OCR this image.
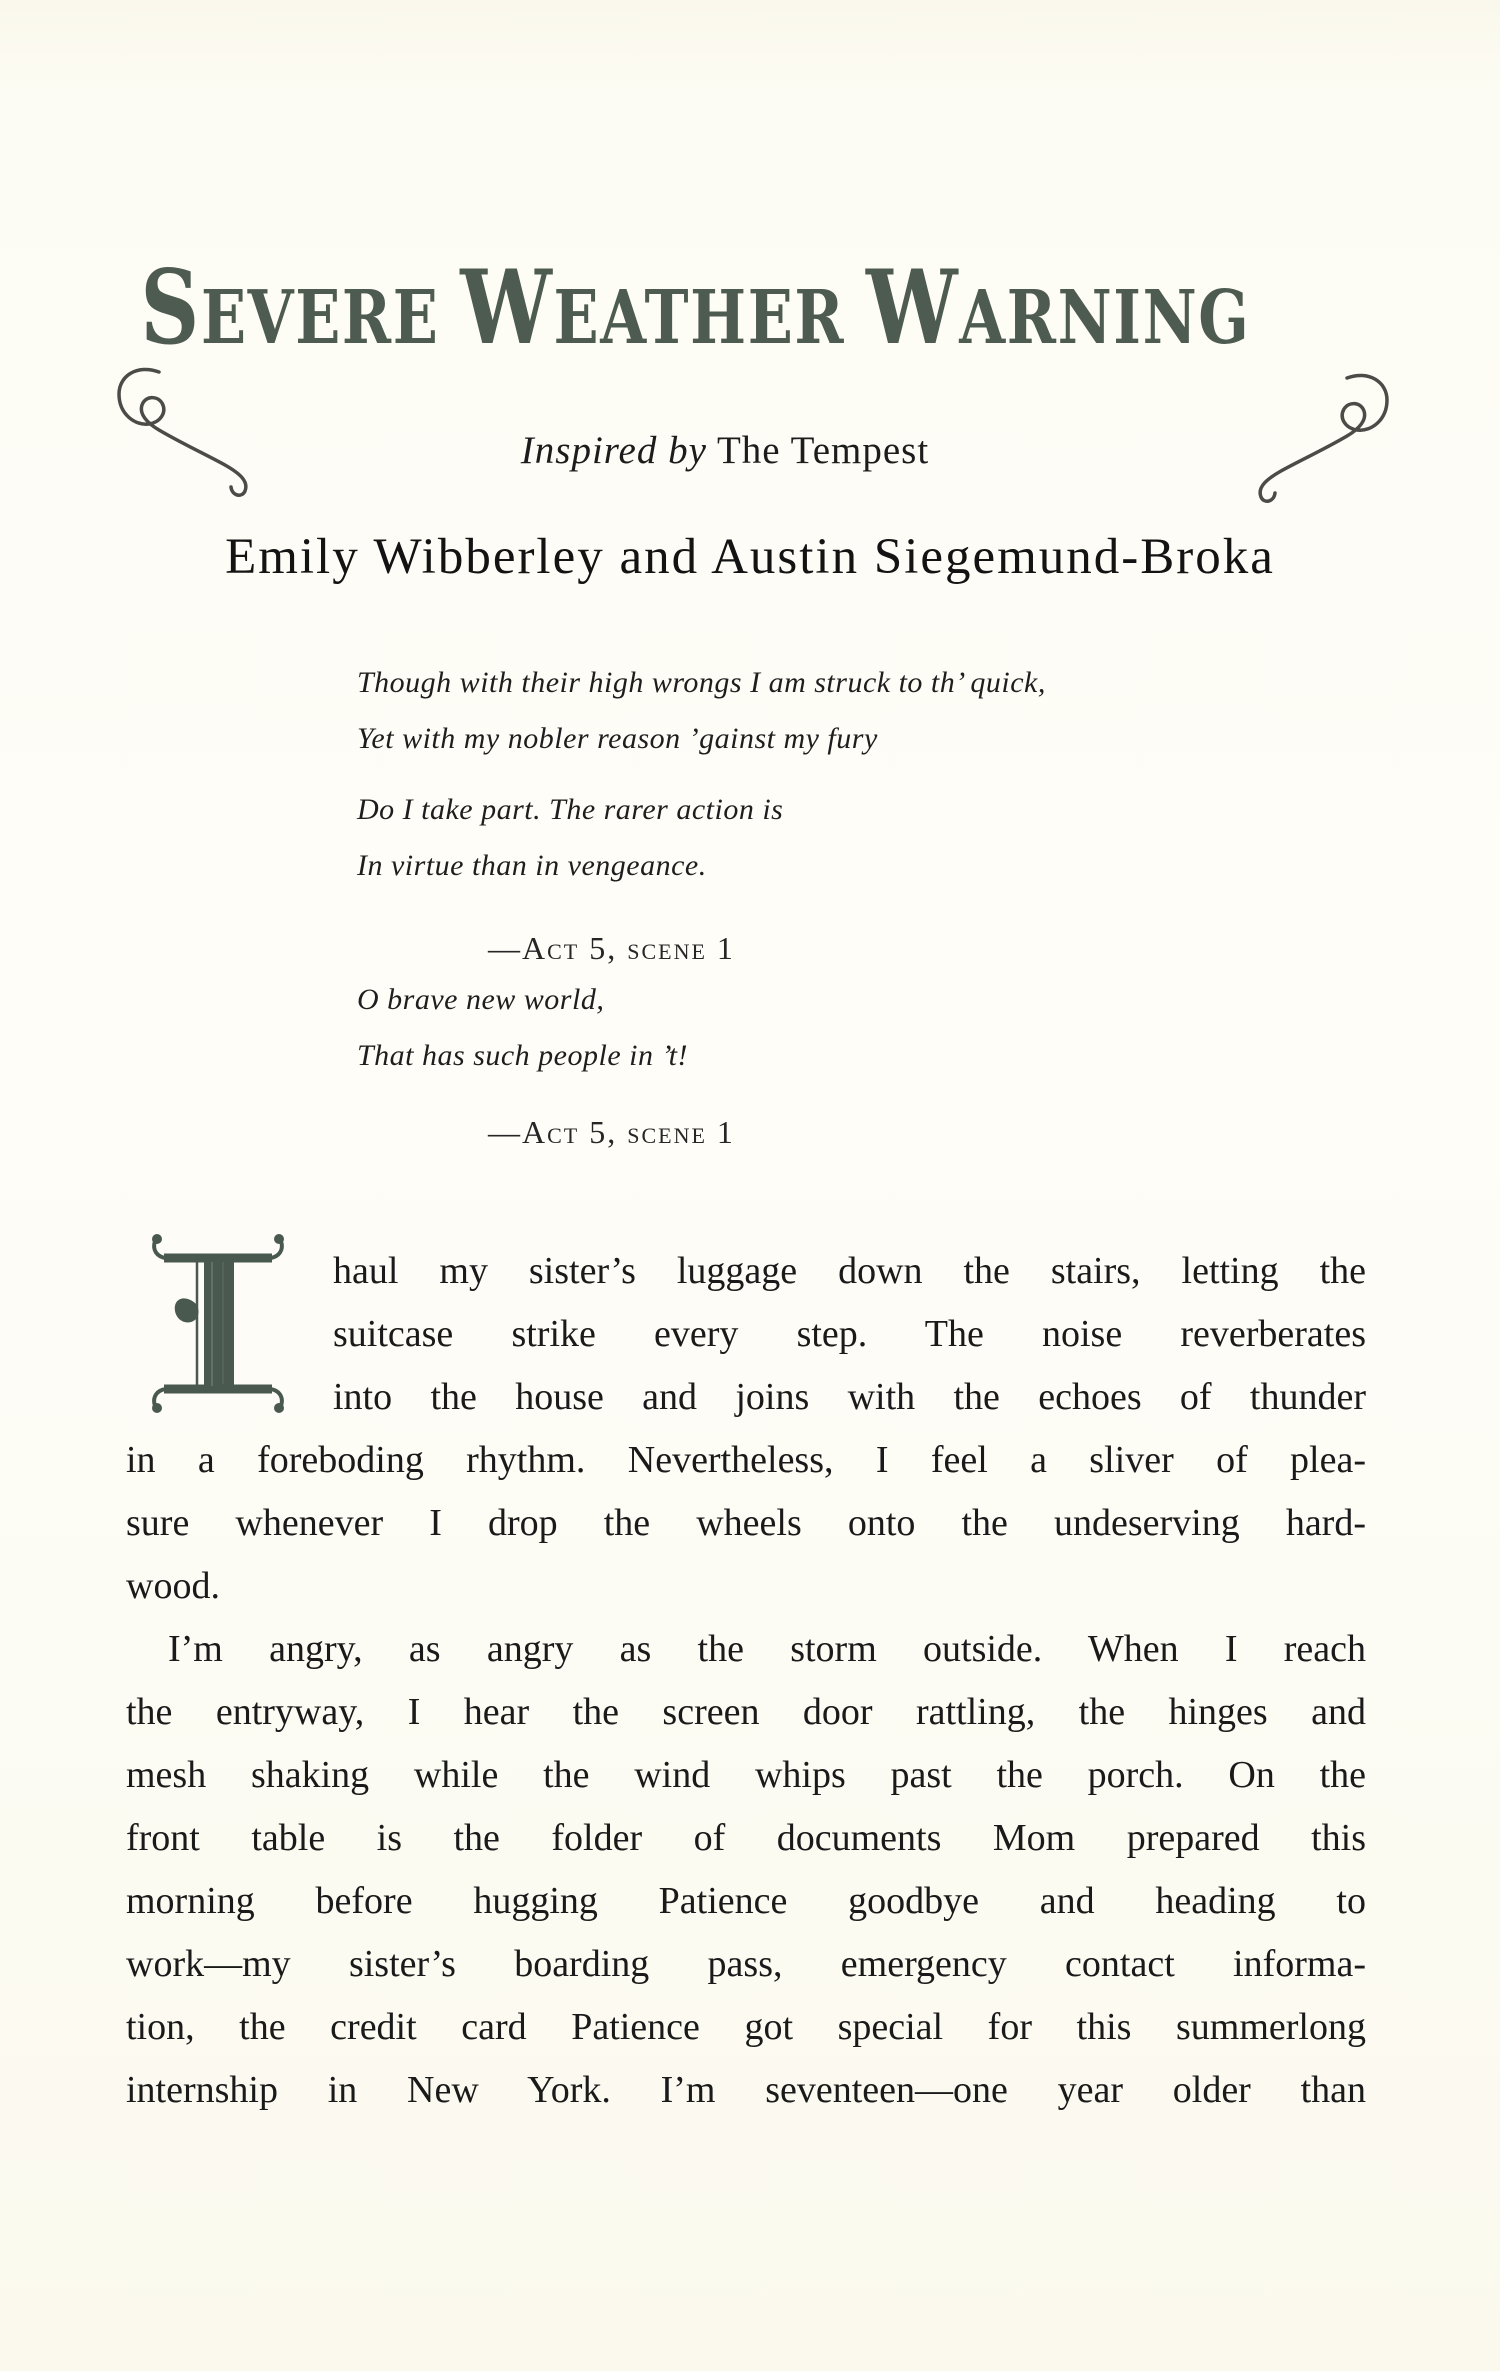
SEVERE WEATHER WARNING
Inspired by The Tempest
Emily Wibberley and Austin Siegemund-Broka
Though with their high wrongs I am struck to th’ quick,
Yet with my nobler reason ’gainst my fury
Do I take part. The rarer action is
In virtue than in vengeance.
—Act 5, scene 1
O brave new world,
That has such people in ’t!
—Act 5, scene 1
haul my sister’s luggage down the stairs, letting the
suitcase strike every step. The noise reverberates
into the house and joins with the echoes of thunder
in a foreboding rhythm. Nevertheless, I feel a sliver of plea-
sure whenever I drop the wheels onto the undeserving hard-
wood.
I’m angry, as angry as the storm outside. When I reach
the entryway, I hear the screen door rattling, the hinges and
mesh shaking while the wind whips past the porch. On the
front table is the folder of documents Mom prepared this
morning before hugging Patience goodbye and heading to
work—my sister’s boarding pass, emergency contact informa-
tion, the credit card Patience got special for this summerlong
internship in New York. I’m seventeen—one year older than
